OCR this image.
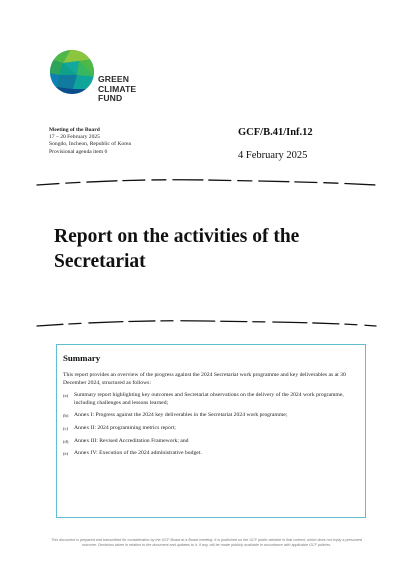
GREEN
CLIMATE
FUND
Meeting of the Board
17 – 20 February 2025
Songdo, Incheon, Republic of Korea
Provisional agenda item 6
GCF/B.41/Inf.12
4 February 2025
Report on the activities of the Secretariat
Summary

This report provides an overview of the progress against the 2024 Secretariat work programme and key deliverables as at 30 December 2024, structured as follows:

(a)	Summary report highlighting key outcomes and Secretariat observations on the delivery of the 2024 work programme, including challenges and lessons learned;
(b) Annex I: Progress against the 2024 key deliverables in the Secretariat 2024 work programme;
(c)	Annex II: 2024 programming metrics report;
(d) Annex III: Revised Accreditation Framework; and
(e)	Annex IV: Execution of the 2024 administrative budget.

This document is prepared and transmitted for consideration by the GCF Board at a Board meeting. It is published on the GCF public website in that context, which does not imply a presumed outcome. Decisions taken in relation to the document and updates to it, if any, will be made publicly available in accordance with applicable GCF policies.
